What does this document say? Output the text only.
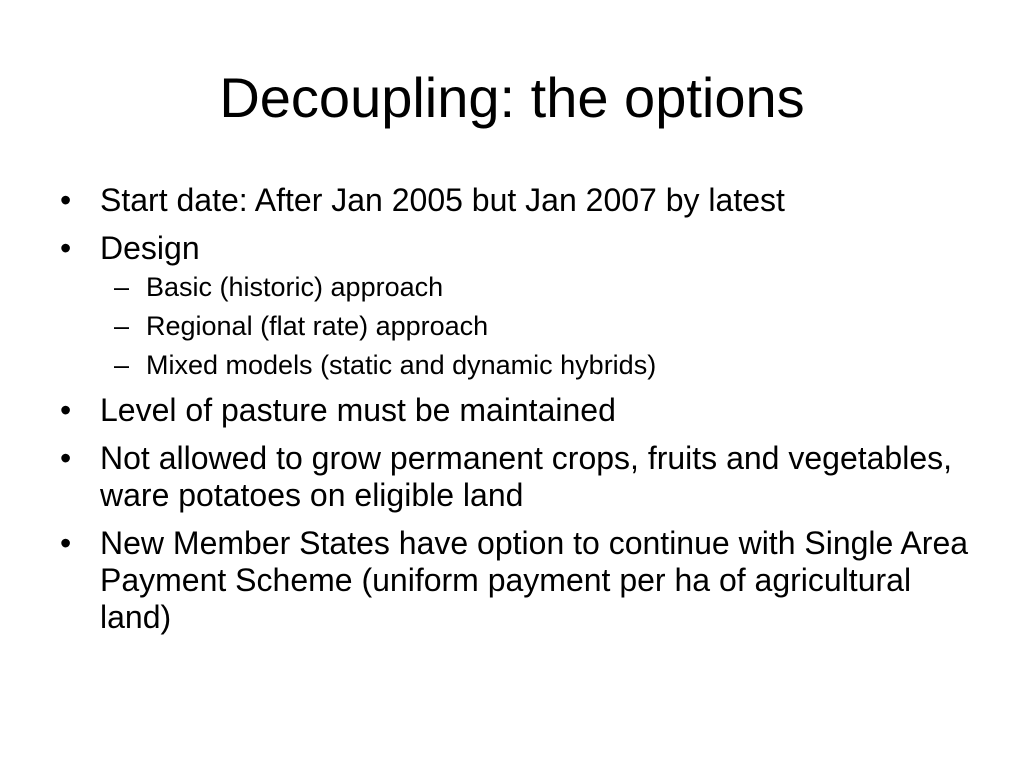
Decoupling: the options
• Start date: After Jan 2005 but Jan 2007 by latest
• Design
– Basic (historic) approach
– Regional (flat rate) approach
– Mixed models (static and dynamic hybrids)
• Level of pasture must be maintained
• Not allowed to grow permanent crops, fruits and vegetables, ware potatoes on eligible land
• New Member States have option to continue with Single Area Payment Scheme (uniform payment per ha of agricultural land)
